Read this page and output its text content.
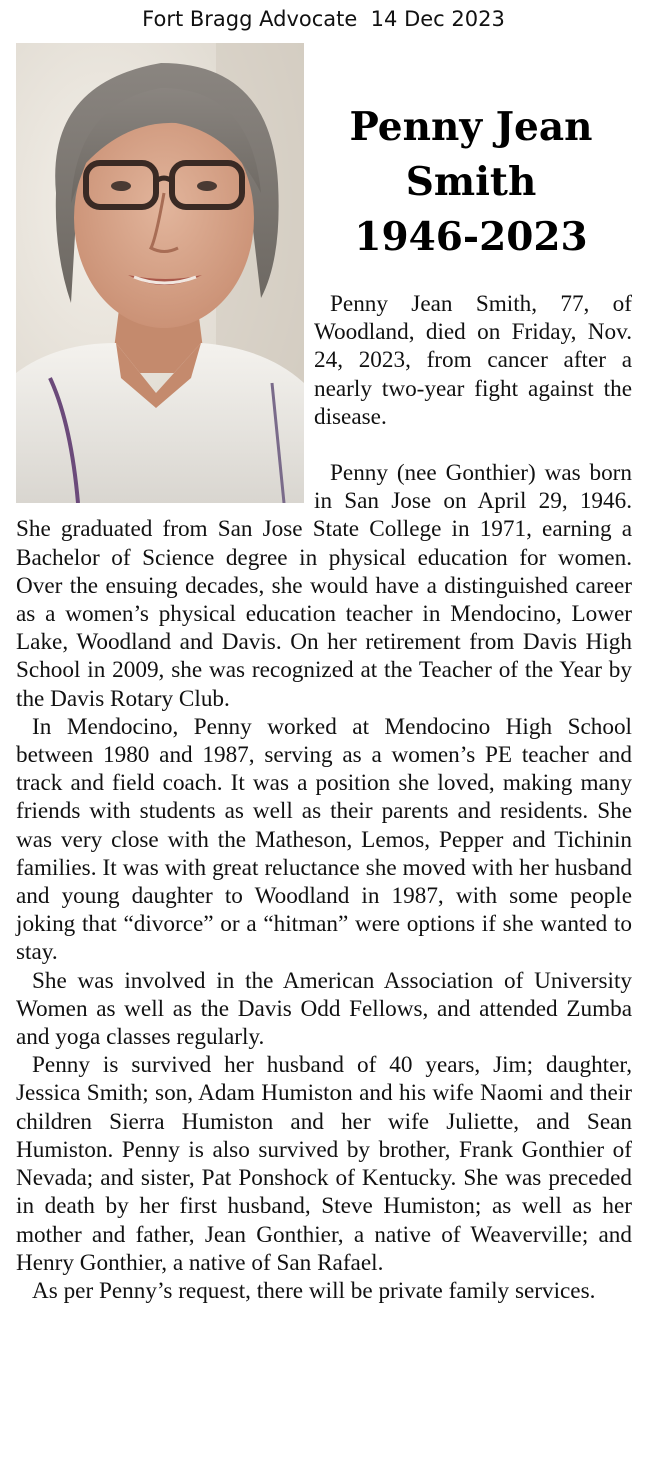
Fort Bragg Advocate 14 Dec 2023
Penny Jean
Smith
1946-2023

Penny Jean Smith, 77, of Woodland, died on Friday, Nov. 24, 2023, from cancer after a nearly two-year fight against the disease.

Penny (nee Gonthier) was born in San Jose on April 29, 1946. She graduated from San Jose State College in 1971, earning a Bachelor of Science degree in physical education for women. Over the ensuing decades, she would have a distinguished career as a women’s physical education teacher in Mendocino, Lower Lake, Woodland and Davis. On her retirement from Davis High School in 2009, she was recognized at the Teacher of the Year by the Davis Rotary Club.

In Mendocino, Penny worked at Mendocino High School between 1980 and 1987, serving as a women’s PE teacher and track and field coach. It was a position she loved, making many friends with students as well as their parents and residents. She was very close with the Matheson, Lemos, Pepper and Tichinin families. It was with great reluctance she moved with her husband and young daughter to Woodland in 1987, with some people joking that “divorce” or a “hitman” were options if she wanted to stay.

She was involved in the American Association of University Women as well as the Davis Odd Fellows, and attended Zumba and yoga classes regularly.

Penny is survived her husband of 40 years, Jim; daughter, Jessica Smith; son, Adam Humiston and his wife Naomi and their children Sierra Humiston and her wife Juliette, and Sean Humiston. Penny is also survived by brother, Frank Gonthier of Nevada; and sister, Pat Ponshock of Kentucky. She was preceded in death by her first husband, Steve Humiston; as well as her mother and father, Jean Gonthier, a native of Weaverville; and Henry Gonthier, a native of San Rafael.

As per Penny’s request, there will be private family services.
